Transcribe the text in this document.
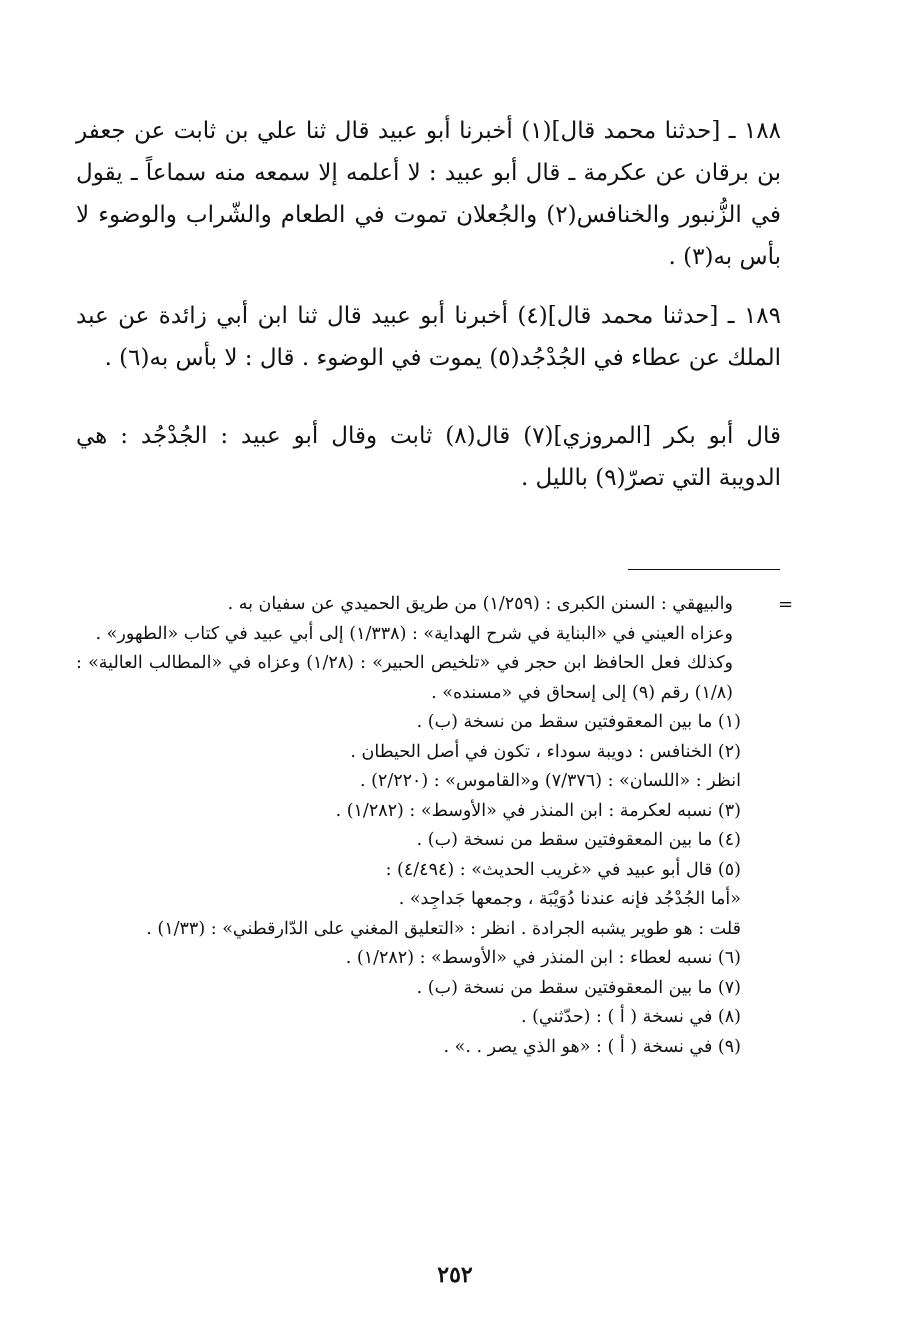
١٨٨ ـ [حدثنا محمد قال](١) أخبرنا أبو عبيد قال ثنا علي بن ثابت عن جعفر بن برقان عن عكرمة ـ قال أبو عبيد : لا أعلمه إلا سمعه منه سماعاً ـ يقول في الزُّنبور والخنافس(٢) والجُعلان تموت في الطعام والشّراب والوضوء لا بأس به(٣) .

١٨٩ ـ [حدثنا محمد قال](٤) أخبرنا أبو عبيد قال ثنا ابن أبي زائدة عن عبد الملك عن عطاء في الجُدْجُد(٥) يموت في الوضوء . قال : لا بأس به(٦) .

قال أبو بكر [المروزي](٧) قال(٨) ثابت وقال أبو عبيد : الجُدْجُد : هي الدويبة التي تصرّ(٩) بالليل .

=
والبيهقي : السنن الكبرى : (١/٢٥٩) من طريق الحميدي عن سفيان به .
وعزاه العيني في «البناية في شرح الهداية» : (١/٣٣٨) إلى أبي عبيد في كتاب «الطهور» .
وكذلك فعل الحافظ ابن حجر في «تلخيص الحبير» : (١/٢٨) وعزاه في «المطالب العالية» : (١/٨) رقم (٩) إلى إسحاق في «مسنده» .
(١) ما بين المعقوفتين سقط من نسخة (ب) .
(٢) الخنافس : دويبة سوداء ، تكون في أصل الحيطان .
انظر : «اللسان» : (٧/٣٧٦) و«القاموس» : (٢/٢٢٠) .
(٣) نسبه لعكرمة : ابن المنذر في «الأوسط» : (١/٢٨٢) .
(٤) ما بين المعقوفتين سقط من نسخة (ب) .
(٥) قال أبو عبيد في «غريب الحديث» : (٤/٤٩٤) :
«أما الجُدْجُد فإنه عندنا دُوَيْبَة ، وجمعها جَداجِد» .
قلت : هو طوير يشبه الجرادة . انظر : «التعليق المغني على الدّارقطني» : (١/٣٣) .
(٦) نسبه لعطاء : ابن المنذر في «الأوسط» : (١/٢٨٢) .
(٧) ما بين المعقوفتين سقط من نسخة (ب) .
(٨) في نسخة ( أ ) : (حدّثني) .
(٩) في نسخة ( أ ) : «هو الذي يصر . .» .
٢٥٢
